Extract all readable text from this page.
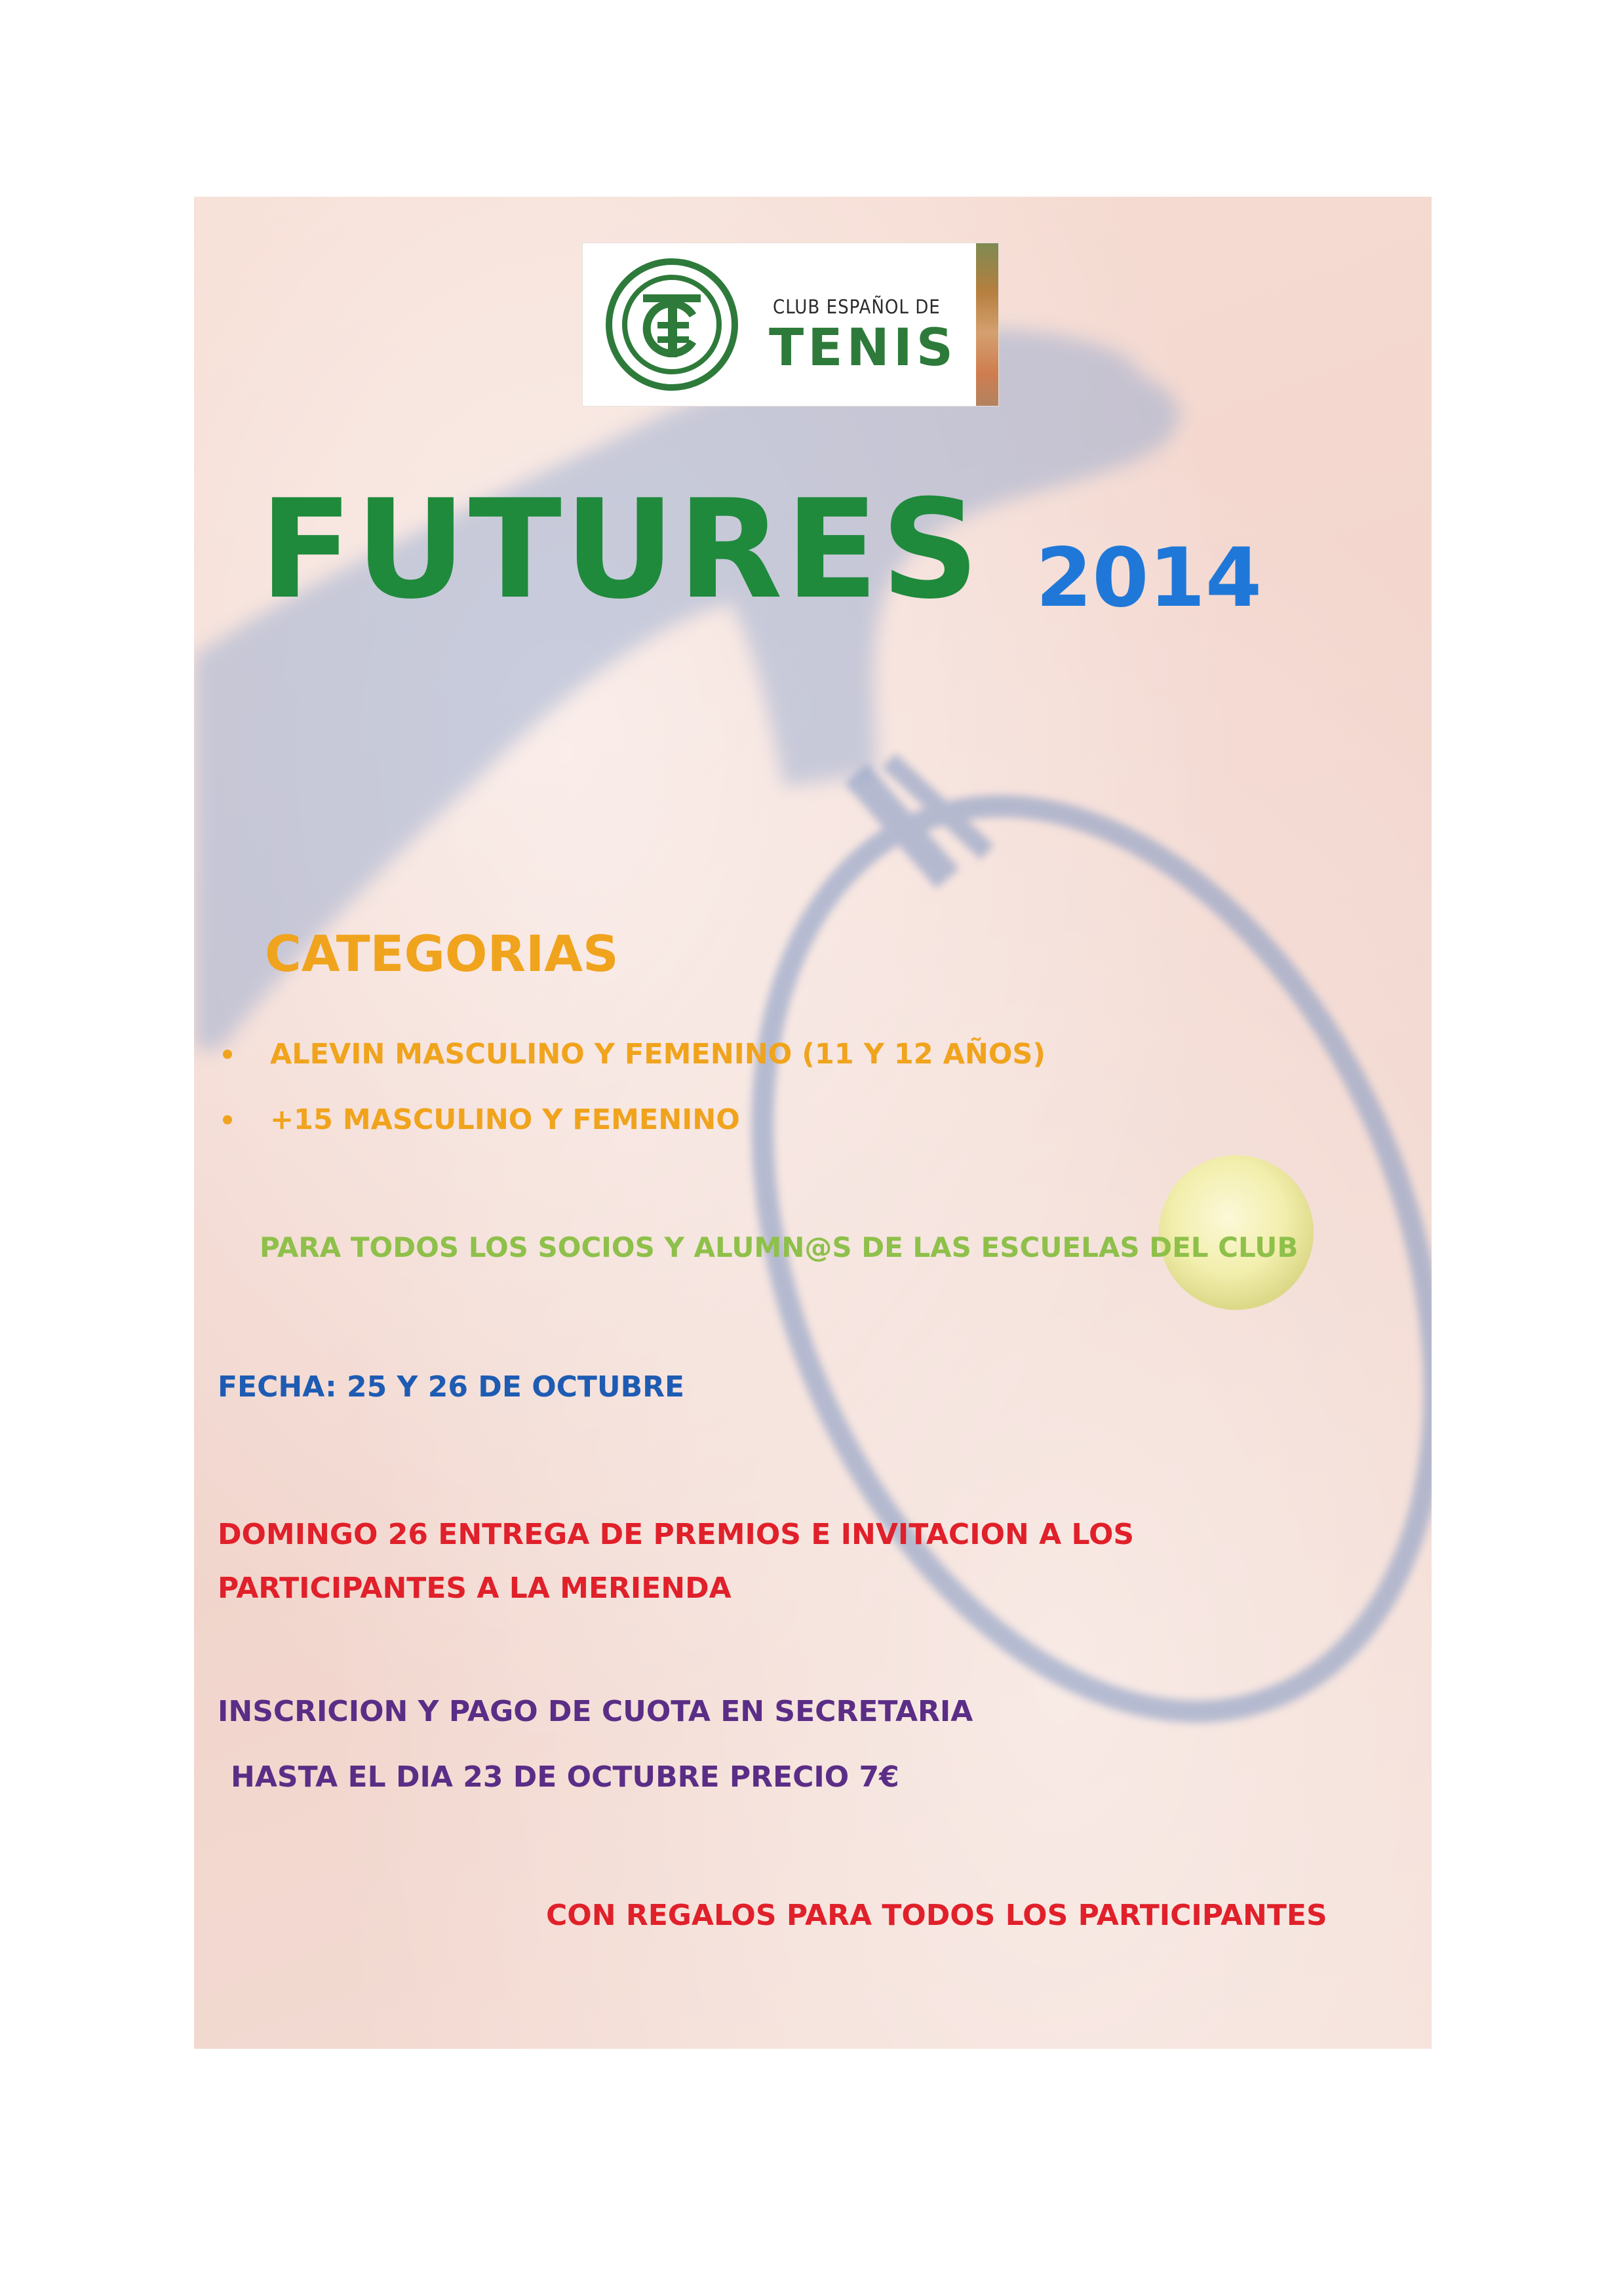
CLUB ESPAÑOL DE
TENIS
FUTURES 2014
CATEGORIAS
ALEVIN MASCULINO Y FEMENINO (11 Y 12 AÑOS)
+15 MASCULINO Y FEMENINO
PARA TODOS LOS SOCIOS Y ALUMN@S DE LAS ESCUELAS DEL CLUB
FECHA: 25 Y 26 DE OCTUBRE
DOMINGO 26 ENTREGA DE PREMIOS E INVITACION A LOS
PARTICIPANTES A LA MERIENDA
INSCRICION Y PAGO DE CUOTA EN SECRETARIA
HASTA EL DIA 23 DE OCTUBRE PRECIO 7€
CON REGALOS PARA TODOS LOS PARTICIPANTES
